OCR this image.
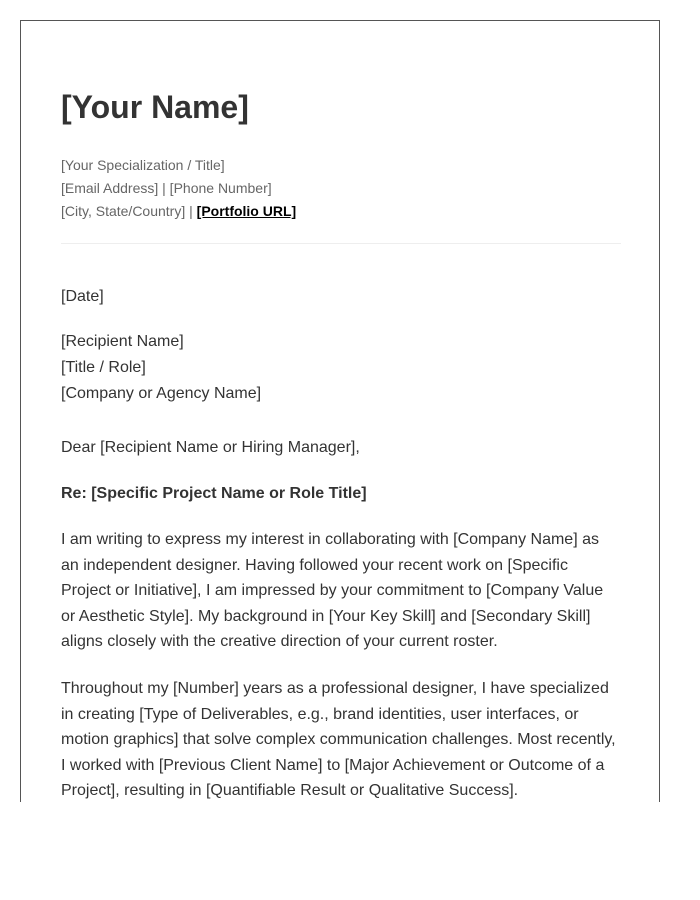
[Your Name]
[Your Specialization / Title]
[Email Address] | [Phone Number]
[City, State/Country] | [Portfolio URL]
[Date]
[Recipient Name]
[Title / Role]
[Company or Agency Name]
Dear [Recipient Name or Hiring Manager],
Re: [Specific Project Name or Role Title]

I am writing to express my interest in collaborating with [Company Name] as an independent designer. Having followed your recent work on [Specific Project or Initiative], I am impressed by your commitment to [Company Value or Aesthetic Style]. My background in [Your Key Skill] and [Secondary Skill] aligns closely with the creative direction of your current roster.

Throughout my [Number] years as a professional designer, I have specialized in creating [Type of Deliverables, e.g., brand identities, user interfaces, or motion graphics] that solve complex communication challenges. Most recently, I worked with [Previous Client Name] to [Major Achievement or Outcome of a Project], resulting in [Quantifiable Result or Qualitative Success].
